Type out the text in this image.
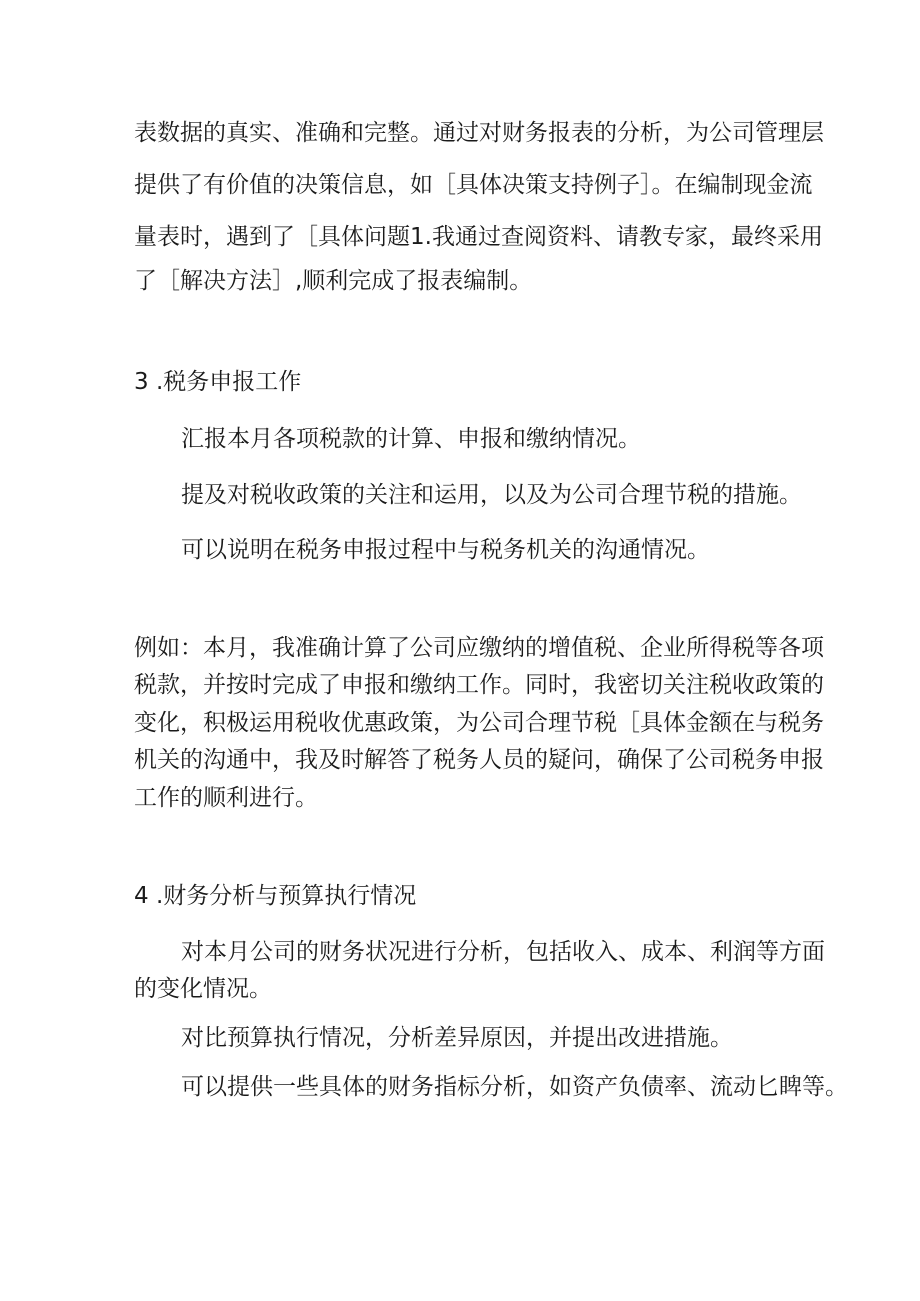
表数据的真实、准确和完整。通过对财务报表的分析，为公司管理层
提供了有价值的决策信息，如［具体决策支持例子］。在编制现金流
量表时，遇到了［具体问题1.我通过查阅资料、请教专家，最终采用
了［解决方法］,顺利完成了报表编制。
3 .税务申报工作
汇报本月各项税款的计算、申报和缴纳情况。
提及对税收政策的关注和运用，以及为公司合理节税的措施。
可以说明在税务申报过程中与税务机关的沟通情况。
例如：本月，我准确计算了公司应缴纳的增值税、企业所得税等各项
税款，并按时完成了申报和缴纳工作。同时，我密切关注税收政策的
变化，积极运用税收优惠政策，为公司合理节税［具体金额在与税务
机关的沟通中，我及时解答了税务人员的疑问，确保了公司税务申报
工作的顺利进行。
4 .财务分析与预算执行情况
对本月公司的财务状况进行分析，包括收入、成本、利润等方面
的变化情况。
对比预算执行情况，分析差异原因，并提出改进措施。
可以提供一些具体的财务指标分析，如资产负债率、流动匕睥等。
